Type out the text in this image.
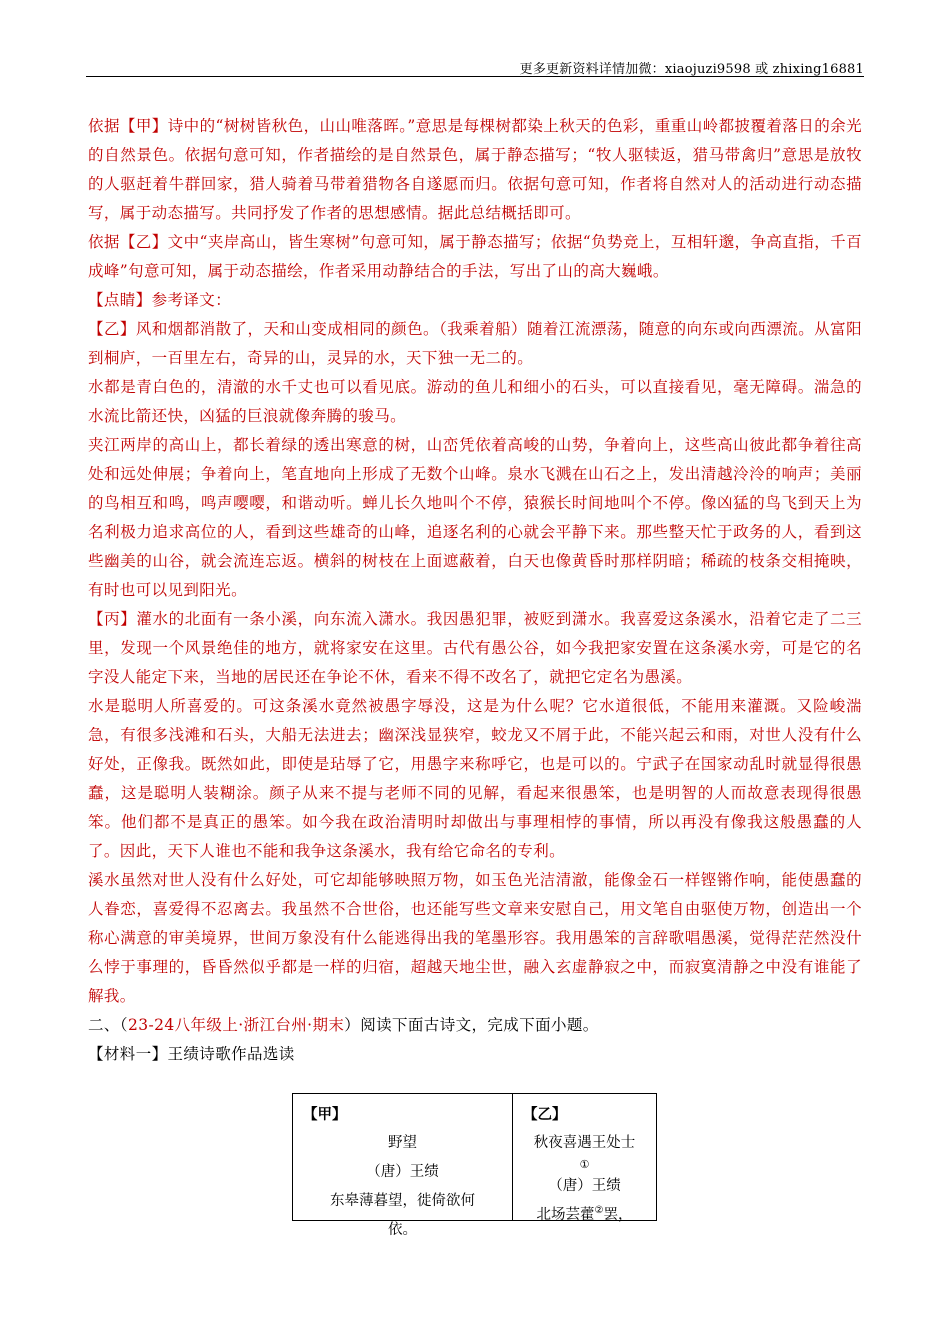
更多更新资料详情加微：xiaojuzi9598 或 zhixing16881

依据【甲】诗中的“树树皆秋色，山山唯落晖。”意思是每棵树都染上秋天的色彩，重重山岭都披覆着落日的余光的自然景色。依据句意可知，作者描绘的是自然景色，属于静态描写；“牧人驱犊返，猎马带禽归”意思是放牧的人驱赶着牛群回家，猎人骑着马带着猎物各自遂愿而归。依据句意可知，作者将自然对人的活动进行动态描写，属于动态描写。共同抒发了作者的思想感情。据此总结概括即可。

依据【乙】文中“夹岸高山，皆生寒树”句意可知，属于静态描写；依据“负势竞上，互相轩邈，争高直指，千百成峰”句意可知，属于动态描绘，作者采用动静结合的手法，写出了山的高大巍峨。

【点睛】参考译文：

【乙】风和烟都消散了，天和山变成相同的颜色。（我乘着船）随着江流漂荡，随意的向东或向西漂流。从富阳到桐庐，一百里左右，奇异的山，灵异的水，天下独一无二的。

水都是青白色的，清澈的水千丈也可以看见底。游动的鱼儿和细小的石头，可以直接看见，毫无障碍。湍急的水流比箭还快，凶猛的巨浪就像奔腾的骏马。

夹江两岸的高山上，都长着绿的透出寒意的树，山峦凭依着高峻的山势，争着向上，这些高山彼此都争着往高处和远处伸展；争着向上，笔直地向上形成了无数个山峰。泉水飞溅在山石之上，发出清越泠泠的响声；美丽的鸟相互和鸣，鸣声嘤嘤，和谐动听。蝉儿长久地叫个不停，猿猴长时间地叫个不停。像凶猛的鸟飞到天上为名利极力追求高位的人，看到这些雄奇的山峰，追逐名利的心就会平静下来。那些整天忙于政务的人，看到这些幽美的山谷，就会流连忘返。横斜的树枝在上面遮蔽着，白天也像黄昏时那样阴暗；稀疏的枝条交相掩映，有时也可以见到阳光。

【丙】灌水的北面有一条小溪，向东流入潇水。我因愚犯罪，被贬到潇水。我喜爱这条溪水，沿着它走了二三里，发现一个风景绝佳的地方，就将家安在这里。古代有愚公谷，如今我把家安置在这条溪水旁，可是它的名字没人能定下来，当地的居民还在争论不休，看来不得不改名了，就把它定名为愚溪。

水是聪明人所喜爱的。可这条溪水竟然被愚字辱没，这是为什么呢？它水道很低，不能用来灌溉。又险峻湍急，有很多浅滩和石头，大船无法进去；幽深浅显狭窄，蛟龙又不屑于此，不能兴起云和雨，对世人没有什么好处，正像我。既然如此，即使是玷辱了它，用愚字来称呼它，也是可以的。宁武子在国家动乱时就显得很愚蠢，这是聪明人装糊涂。颜子从来不提与老师不同的见解，看起来很愚笨，也是明智的人而故意表现得很愚笨。他们都不是真正的愚笨。如今我在政治清明时却做出与事理相悖的事情，所以再没有像我这般愚蠢的人了。因此，天下人谁也不能和我争这条溪水，我有给它命名的专利。

溪水虽然对世人没有什么好处，可它却能够映照万物，如玉色光洁清澈，能像金石一样铿锵作响，能使愚蠢的人眷恋，喜爱得不忍离去。我虽然不合世俗，也还能写些文章来安慰自己，用文笔自由驱使万物，创造出一个称心满意的审美境界，世间万象没有什么能逃得出我的笔墨形容。我用愚笨的言辞歌唱愚溪，觉得茫茫然没什么悖于事理的，昏昏然似乎都是一样的归宿，超越天地尘世，融入玄虚静寂之中，而寂寞清静之中没有谁能了解我。

二、（23-24八年级上·浙江台州·期末）阅读下面古诗文，完成下面小题。

【材料一】王绩诗歌作品选读

【甲】
野望
（唐）王绩
东皋薄暮望，徙倚欲何
依。
【乙】
秋夜喜遇王处士
①
（唐）王绩
北场芸藿②罢，
